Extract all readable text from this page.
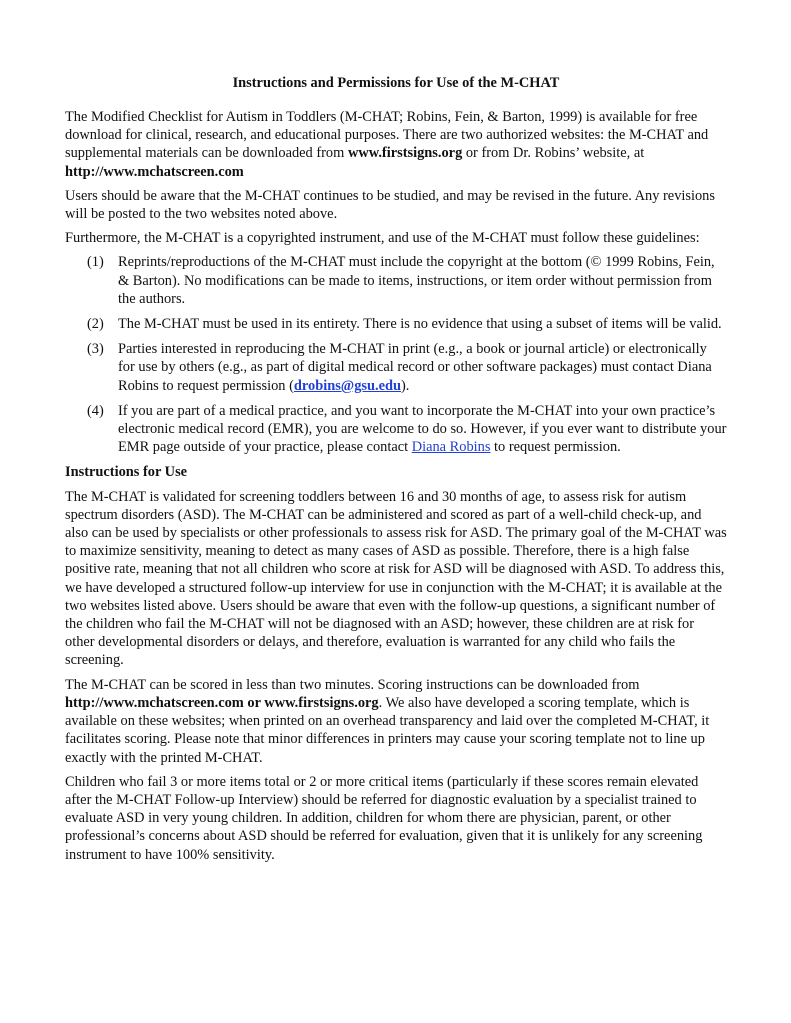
Instructions and Permissions for Use of the M-CHAT

The Modified Checklist for Autism in Toddlers (M-CHAT; Robins, Fein, & Barton, 1999) is available for free download for clinical, research, and educational purposes. There are two authorized websites: the M-CHAT and supplemental materials can be downloaded from www.firstsigns.org or from Dr. Robins’ website, at http://www.mchatscreen.com

Users should be aware that the M-CHAT continues to be studied, and may be revised in the future. Any revisions will be posted to the two websites noted above.

Furthermore, the M-CHAT is a copyrighted instrument, and use of the M-CHAT must follow these guidelines:

(1) Reprints/reproductions of the M-CHAT must include the copyright at the bottom (© 1999 Robins, Fein, & Barton). No modifications can be made to items, instructions, or item order without permission from the authors.
(2) The M-CHAT must be used in its entirety. There is no evidence that using a subset of items will be valid.
(3) Parties interested in reproducing the M-CHAT in print (e.g., a book or journal article) or electronically for use by others (e.g., as part of digital medical record or other software packages) must contact Diana Robins to request permission (drobins@gsu.edu).
(4) If you are part of a medical practice, and you want to incorporate the M-CHAT into your own practice’s electronic medical record (EMR), you are welcome to do so. However, if you ever want to distribute your EMR page outside of your practice, please contact Diana Robins to request permission.
Instructions for Use

The M-CHAT is validated for screening toddlers between 16 and 30 months of age, to assess risk for autism spectrum disorders (ASD). The M-CHAT can be administered and scored as part of a well-child check-up, and also can be used by specialists or other professionals to assess risk for ASD. The primary goal of the M-CHAT was to maximize sensitivity, meaning to detect as many cases of ASD as possible. Therefore, there is a high false positive rate, meaning that not all children who score at risk for ASD will be diagnosed with ASD. To address this, we have developed a structured follow-up interview for use in conjunction with the M-CHAT; it is available at the two websites listed above. Users should be aware that even with the follow-up questions, a significant number of the children who fail the M-CHAT will not be diagnosed with an ASD; however, these children are at risk for other developmental disorders or delays, and therefore, evaluation is warranted for any child who fails the screening.

The M-CHAT can be scored in less than two minutes. Scoring instructions can be downloaded from http://www.mchatscreen.com or www.firstsigns.org. We also have developed a scoring template, which is available on these websites; when printed on an overhead transparency and laid over the completed M-CHAT, it facilitates scoring. Please note that minor differences in printers may cause your scoring template not to line up exactly with the printed M-CHAT.

Children who fail 3 or more items total or 2 or more critical items (particularly if these scores remain elevated after the M-CHAT Follow-up Interview) should be referred for diagnostic evaluation by a specialist trained to evaluate ASD in very young children. In addition, children for whom there are physician, parent, or other professional’s concerns about ASD should be referred for evaluation, given that it is unlikely for any screening instrument to have 100% sensitivity.
